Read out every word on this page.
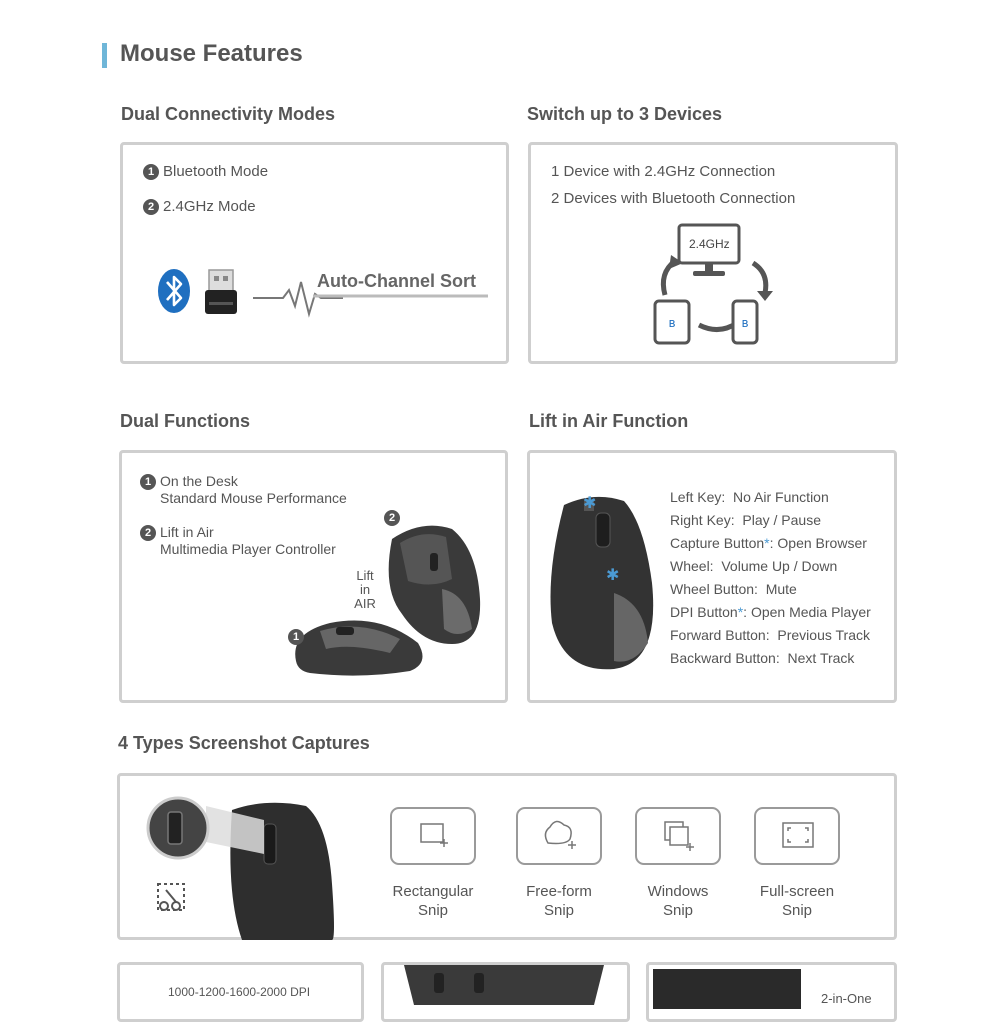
Mouse Features
Dual Connectivity Modes
1 Bluetooth Mode
2 2.4GHz Mode
Auto-Channel Sort
Switch up to 3 Devices
1 Device with 2.4GHz Connection
2 Devices with Bluetooth Connection
2.4GHz
ʙ	ʙ
Dual Functions
1 On the Desk
Standard Mouse Performance
2 Lift in Air
Multimedia Player Controller
Lift
in
AIR
2
1
Lift in Air Function
✱
✱
Left Key: No Air Function
Right Key: Play / Pause
Capture Button*: Open Browser
Wheel: Volume Up / Down
Wheel Button: Mute
DPI Button*: Open Media Player
Forward Button: Previous Track
Backward Button: Next Track
4 Types Screenshot Captures
Rectangular
Snip
Free-form
Snip
Windows
Snip
Full-screen
Snip
1000-1200-1600-2000 DPI	2-in-One
